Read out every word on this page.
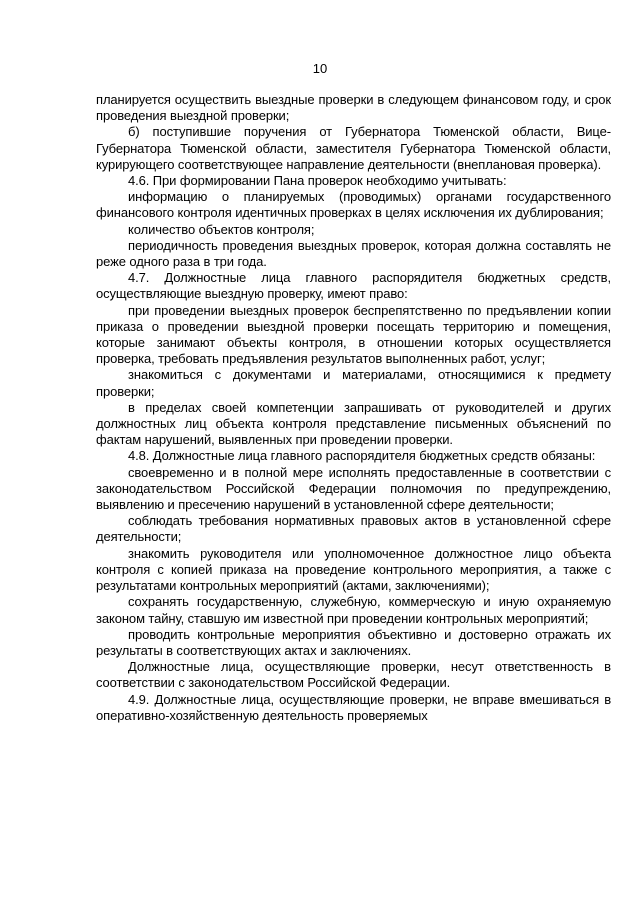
10

планируется осуществить выездные проверки в следующем финансовом году, и срок проведения выездной проверки;

б) поступившие поручения от Губернатора Тюменской области, Вице-Губернатора Тюменской области, заместителя Губернатора Тюменской области, курирующего соответствующее направление деятельности (внеплановая проверка).

4.6. При формировании Пана проверок необходимо учитывать:

информацию о планируемых (проводимых) органами государственного финансового контроля идентичных проверках в целях исключения их дублирования;

количество объектов контроля;

периодичность проведения выездных проверок, которая должна составлять не реже одного раза в три года.

4.7. Должностные лица главного распорядителя бюджетных средств, осуществляющие выездную проверку, имеют право:

при проведении выездных проверок беспрепятственно по предъявлении копии приказа о проведении выездной проверки посещать территорию и помещения, которые занимают объекты контроля, в отношении которых осуществляется проверка, требовать предъявления результатов выполненных работ, услуг;

знакомиться с документами и материалами, относящимися к предмету проверки;

в пределах своей компетенции запрашивать от руководителей и других должностных лиц объекта контроля представление письменных объяснений по фактам нарушений, выявленных при проведении проверки.

4.8. Должностные лица главного распорядителя бюджетных средств обязаны:

своевременно и в полной мере исполнять предоставленные в соответствии с законодательством Российской Федерации полномочия по предупреждению, выявлению и пресечению нарушений в установленной сфере деятельности;

соблюдать требования нормативных правовых актов в установленной сфере деятельности;

знакомить руководителя или уполномоченное должностное лицо объекта контроля с копией приказа на проведение контрольного мероприятия, а также с результатами контрольных мероприятий (актами, заключениями);

сохранять государственную, служебную, коммерческую и иную охраняемую законом тайну, ставшую им известной при проведении контрольных мероприятий;

проводить контрольные мероприятия объективно и достоверно отражать их результаты в соответствующих актах и заключениях.

Должностные лица, осуществляющие проверки, несут ответственность в соответствии с законодательством Российской Федерации.

4.9. Должностные лица, осуществляющие проверки, не вправе вмешиваться в оперативно-хозяйственную деятельность проверяемых
